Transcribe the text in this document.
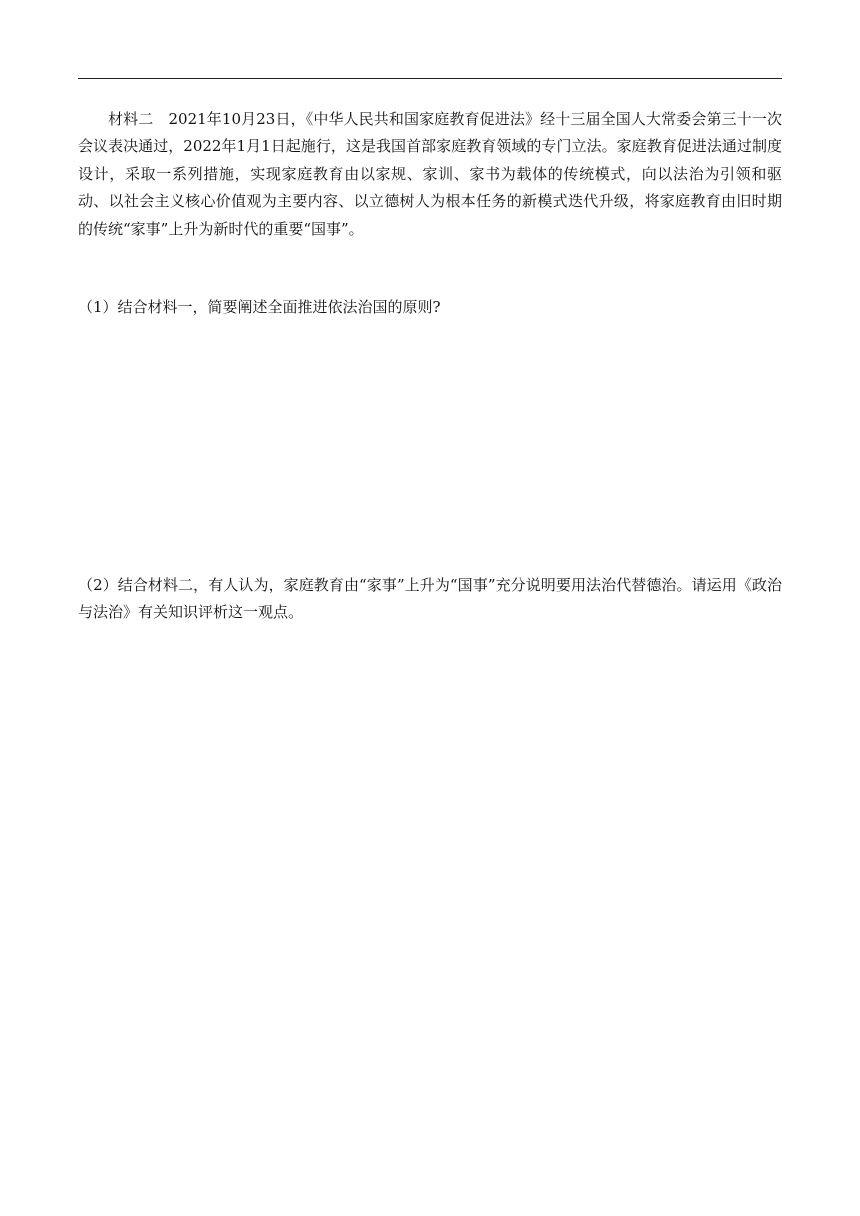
材料二　2021年10月23日，《中华人民共和国家庭教育促进法》经十三届全国人大常委会第三十一次会议表决通过，2022年1月1日起施行，这是我国首部家庭教育领域的专门立法。家庭教育促进法通过制度设计，采取一系列措施，实现家庭教育由以家规、家训、家书为载体的传统模式，向以法治为引领和驱动、以社会主义核心价值观为主要内容、以立德树人为根本任务的新模式迭代升级，将家庭教育由旧时期的传统“家事”上升为新时代的重要“国事”。

（1）结合材料一，简要阐述全面推进依法治国的原则?

（2）结合材料二，有人认为，家庭教育由“家事”上升为“国事”充分说明要用法治代替德治。请运用《政治与法治》有关知识评析这一观点。
